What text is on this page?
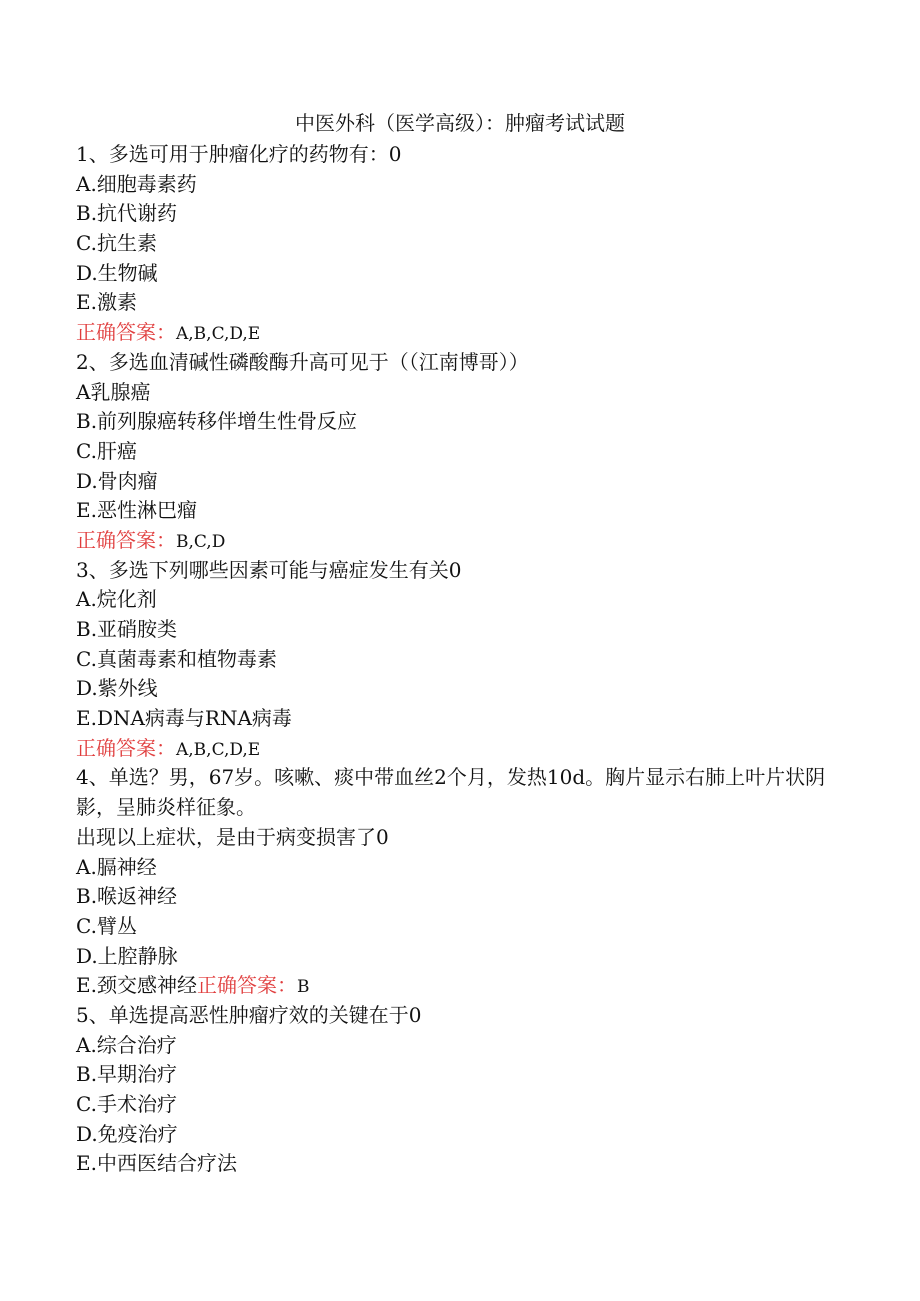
中医外科（医学高级）：肿瘤考试试题
1、多选可用于肿瘤化疗的药物有：0
A.细胞毒素药
B.抗代谢药
C.抗生素
D.生物碱
E.激素
正确答案：A,B,C,D,E
2、多选血清碱性磷酸酶升高可见于（（江南博哥））
A乳腺癌
B.前列腺癌转移伴增生性骨反应
C.肝癌
D.骨肉瘤
E.恶性淋巴瘤
正确答案：B,C,D
3、多选下列哪些因素可能与癌症发生有关0
A.烷化剂
B.亚硝胺类
C.真菌毒素和植物毒素
D.紫外线
E.DNA病毒与RNA病毒
正确答案：A,B,C,D,E
4、单选？男，67岁。咳嗽、痰中带血丝2个月，发热10d。胸片显示右肺上叶片状阴影，呈肺炎样征象。
出现以上症状，是由于病变损害了0
A.膈神经
B.喉返神经
C.臂丛
D.上腔静脉
E.颈交感神经正确答案：B
5、单选提高恶性肿瘤疗效的关键在于0
A.综合治疗
B.早期治疗
C.手术治疗
D.免疫治疗
E.中西医结合疗法
